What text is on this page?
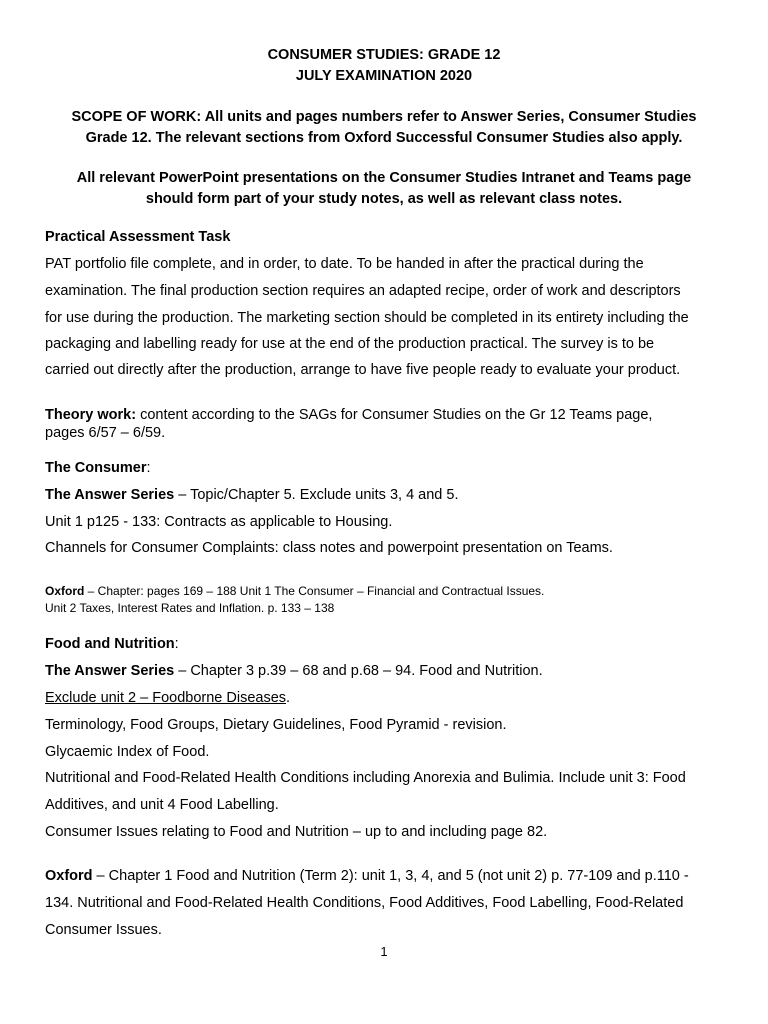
CONSUMER STUDIES: GRADE 12
JULY EXAMINATION 2020
SCOPE OF WORK: All units and pages numbers refer to Answer Series, Consumer Studies
Grade 12. The relevant sections from Oxford Successful Consumer Studies also apply.
All relevant PowerPoint presentations on the Consumer Studies Intranet and Teams page
should form part of your study notes, as well as relevant class notes.
Practical Assessment Task
PAT portfolio file complete, and in order, to date. To be handed in after the practical during the
examination. The final production section requires an adapted recipe, order of work and descriptors
for use during the production. The marketing section should be completed in its entirety including the
packaging and labelling ready for use at the end of the production practical. The survey is to be
carried out directly after the production, arrange to have five people ready to evaluate your product.
Theory work: content according to the SAGs for Consumer Studies on the Gr 12 Teams page,
pages 6/57 – 6/59.
The Consumer:
The Answer Series – Topic/Chapter 5. Exclude units 3, 4 and 5.
Unit 1 p125 - 133: Contracts as applicable to Housing.
Channels for Consumer Complaints: class notes and powerpoint presentation on Teams.
Oxford – Chapter: pages 169 – 188 Unit 1 The Consumer – Financial and Contractual Issues.
Unit 2 Taxes, Interest Rates and Inflation. p. 133 – 138
Food and Nutrition:
The Answer Series – Chapter 3 p.39 – 68 and p.68 – 94. Food and Nutrition.
Exclude unit 2 – Foodborne Diseases.
Terminology, Food Groups, Dietary Guidelines, Food Pyramid - revision.
Glycaemic Index of Food.
Nutritional and Food-Related Health Conditions including Anorexia and Bulimia. Include unit 3: Food
Additives, and unit 4 Food Labelling.
Consumer Issues relating to Food and Nutrition – up to and including page 82.
Oxford – Chapter 1 Food and Nutrition (Term 2): unit 1, 3, 4, and 5 (not unit 2) p. 77-109 and p.110 -
134. Nutritional and Food-Related Health Conditions, Food Additives, Food Labelling, Food-Related
Consumer Issues.
1
